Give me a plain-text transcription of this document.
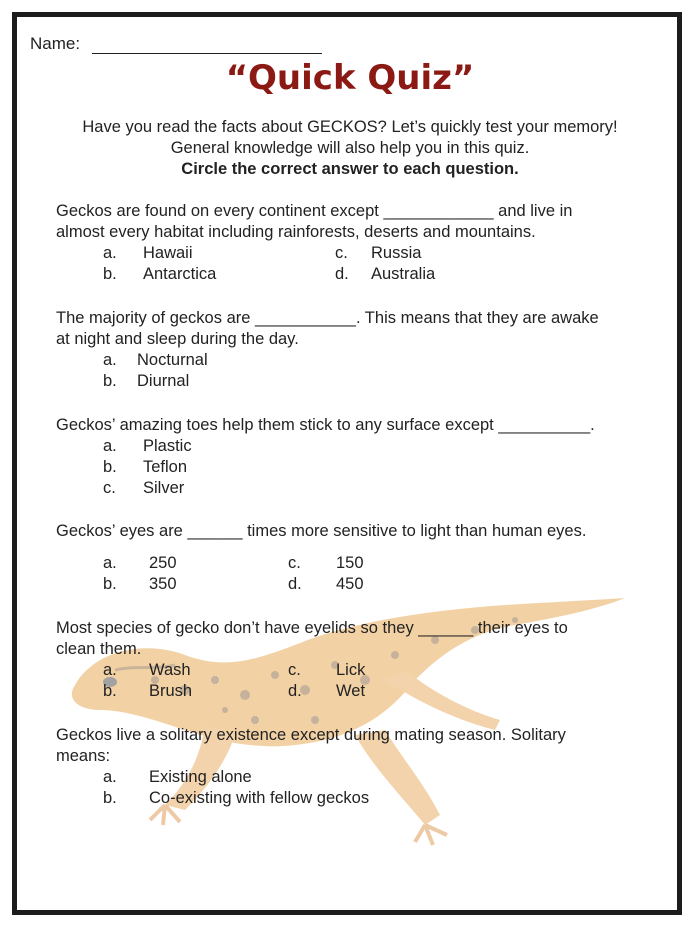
Name:
“Quick Quiz”
Have you read the facts about GECKOS? Let’s quickly test your memory!
General knowledge will also help you in this quiz.
Circle the correct answer to each question.
Geckos are found on every continent except ____________ and live in
almost every habitat including rainforests, deserts and mountains.
a. Hawaii	c. Russia
b. Antarctica	d. Australia
The majority of geckos are ___________. This means that they are awake
at night and sleep during the day.
a. Nocturnal
b. Diurnal
Geckos’ amazing toes help them stick to any surface except __________.
a. Plastic
b. Teflon
c. Silver
Geckos’ eyes are ______ times more sensitive to light than human eyes.
a. 250	c. 150
b. 350	d. 450
Most species of gecko don’t have eyelids so they ______ their eyes to
clean them.
a. Wash	c. Lick
b. Brush	d. Wet
Geckos live a solitary existence except during mating season. Solitary
means:
a. Existing alone
b. Co-existing with fellow geckos
